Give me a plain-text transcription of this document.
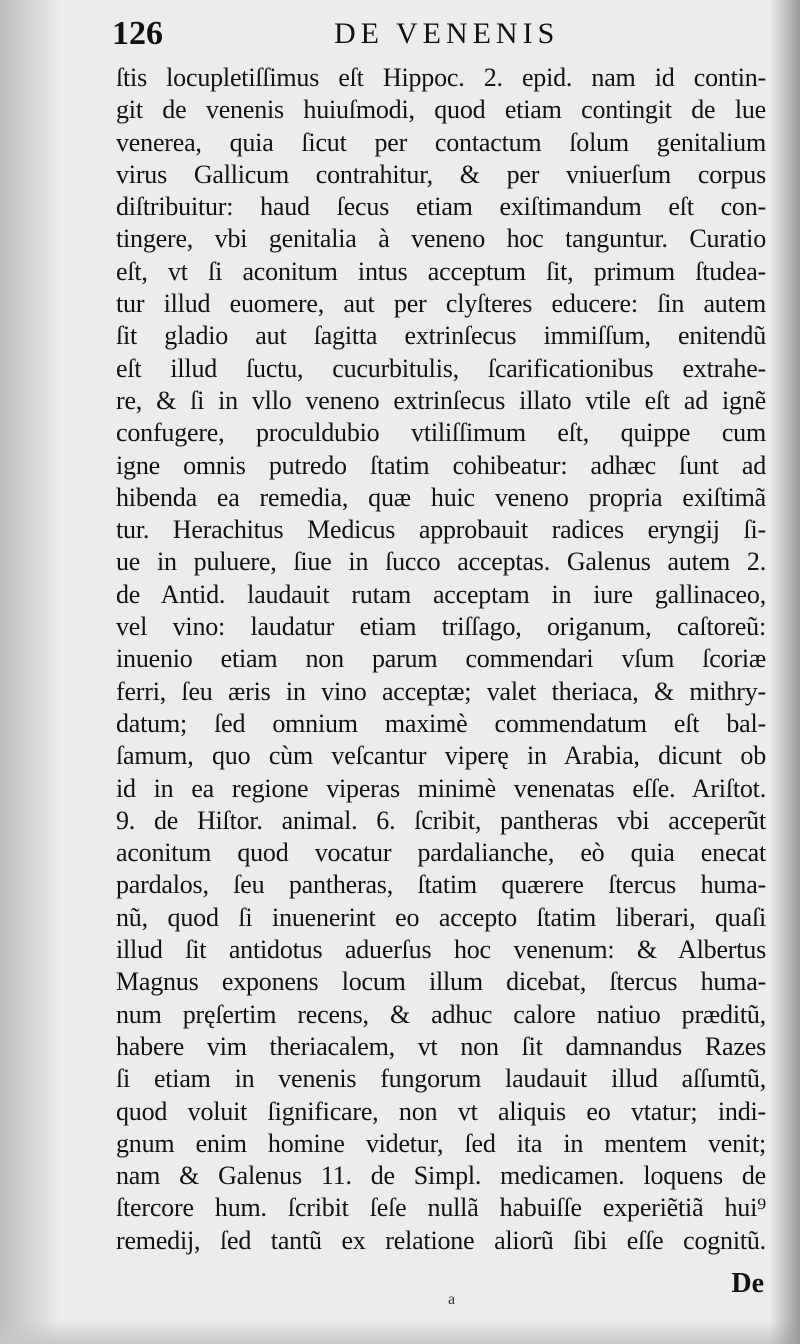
126	DE VENENIS
ſtis locupletiſſimus eſt Hippoc. 2. epid. nam id contin-
git de venenis huiuſmodi, quod etiam contingit de lue
venerea, quia ſicut per contactum ſolum genitalium
virus Gallicum contrahitur, & per vniuerſum corpus
diſtribuitur: haud ſecus etiam exiſtimandum eſt con-
tingere, vbi genitalia à veneno hoc tanguntur. Curatio
eſt, vt ſi aconitum intus acceptum ſit, primum ſtudea-
tur illud euomere, aut per clyſteres educere: ſin autem
ſit gladio aut ſagitta extrinſecus immiſſum, enitendũ
eſt illud ſuctu, cucurbitulis, ſcarificationibus extrahe-
re, & ſi in vllo veneno extrinſecus illato vtile eſt ad ignẽ
confugere, proculdubio vtiliſſimum eſt, quippe cum
igne omnis putredo ſtatim cohibeatur: adhæc ſunt ad
hibenda ea remedia, quæ huic veneno propria exiſtimã
tur. Herachitus Medicus approbauit radices eryngij ſi-
ue in puluere, ſiue in ſucco acceptas. Galenus autem 2.
de Antid. laudauit rutam acceptam in iure gallinaceo,
vel vino: laudatur etiam triſſago, origanum, caſtoreũ:
inuenio etiam non parum commendari vſum ſcoriæ
ferri, ſeu æris in vino acceptæ; valet theriaca, & mithry-
datum; ſed omnium maximè commendatum eſt bal-
ſamum, quo cùm veſcantur viperę in Arabia, dicunt ob
id in ea regione viperas minimè venenatas eſſe. Ariſtot.
9. de Hiſtor. animal. 6. ſcribit, pantheras vbi acceperũt
aconitum quod vocatur pardalianche, eò quia enecat
pardalos, ſeu pantheras, ſtatim quærere ſtercus huma-
nũ, quod ſi inuenerint eo accepto ſtatim liberari, quaſi
illud ſit antidotus aduerſus hoc venenum: & Albertus
Magnus exponens locum illum dicebat, ſtercus huma-
num pręſertim recens, & adhuc calore natiuo præditũ,
habere vim theriacalem, vt non ſit damnandus Razes
ſi etiam in venenis fungorum laudauit illud aſſumtũ,
quod voluit ſignificare, non vt aliquis eo vtatur; indi-
gnum enim homine videtur, ſed ita in mentem venit;
nam & Galenus 11. de Simpl. medicamen. loquens de
ſtercore hum. ſcribit ſeſe nullã habuiſſe experiẽtiã hui⁹
remedij, ſed tantũ ex relatione aliorũ ſibi eſſe cognitũ.
De
a
